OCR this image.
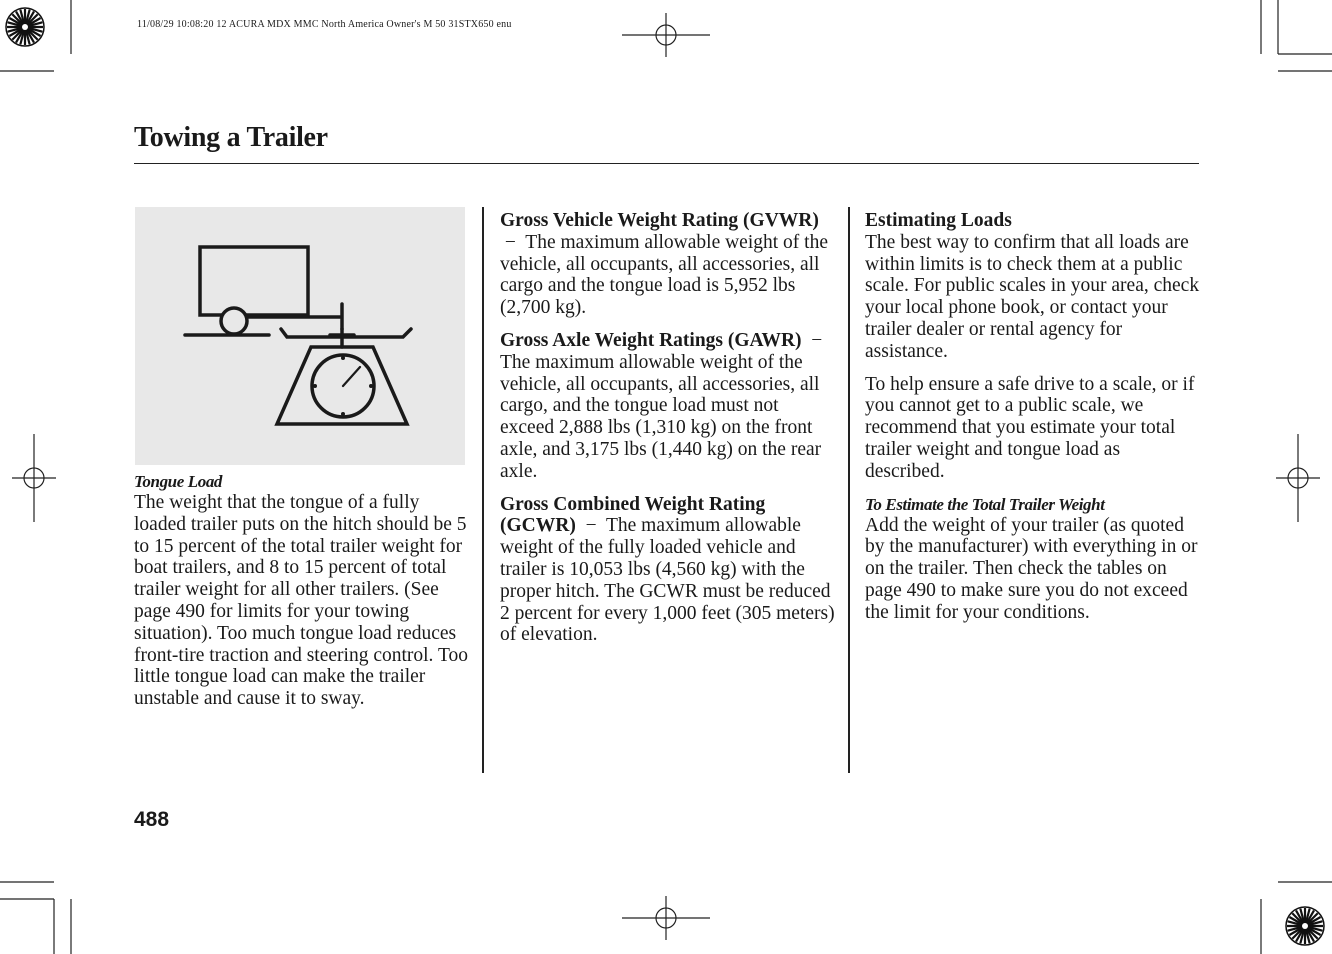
11/08/29 10:08:20 12 ACURA MDX MMC North America Owner's M 50 31STX650 enu
Towing a Trailer
Tongue Load

The weight that the tongue of a fully loaded trailer puts on the hitch should be 5 to 15 percent of the total trailer weight for boat trailers, and 8 to 15 percent of total trailer weight for all other trailers. (See page 490 for limits for your towing situation). Too much tongue load reduces front-tire traction and steering control. Too little tongue load can make the trailer unstable and cause it to sway.

Gross Vehicle Weight Rating (GVWR)  − The maximum allowable weight of the vehicle, all occupants, all accessories, all cargo and the tongue load is 5,952 lbs (2,700 kg).

Gross Axle Weight Ratings (GAWR) −  The maximum allowable weight of the vehicle, all occupants, all accessories, all cargo, and the tongue load must not exceed 2,888 lbs (1,310 kg) on the front axle, and 3,175 lbs (1,440 kg) on the rear axle.

Gross Combined Weight Rating (GCWR) − The maximum allowable weight of the fully loaded vehicle and trailer is 10,053 lbs (4,560 kg) with the proper hitch. The GCWR must be reduced 2 percent for every 1,000 feet (305 meters) of elevation.

Estimating Loads
The best way to confirm that all loads are within limits is to check them at a public scale. For public scales in your area, check your local phone book, or contact your trailer dealer or rental agency for assistance.

To help ensure a safe drive to a scale, or if you cannot get to a public scale, we recommend that you estimate your total trailer weight and tongue load as described.

To Estimate the Total Trailer Weight
Add the weight of your trailer (as quoted by the manufacturer) with everything in or on the trailer. Then check the tables on page 490 to make sure you do not exceed the limit for your conditions.

488
